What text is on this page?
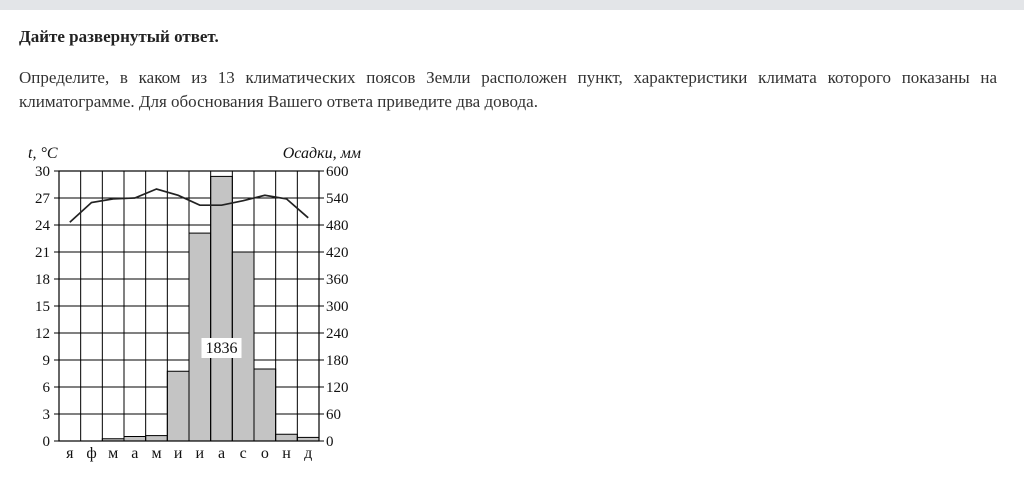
Дайте развернутый ответ.
Определите, в каком из 13 климатических поясов Земли расположен пункт, характеристики климата которого показаны на климатограмме. Для обоснования Вашего ответа приведите два довода.
0
3
6
9
12
15
18
21
24
27
30
0
60
120
180
240
300
360
420
480
540
600
я ф м а м и и а с о н д
t, °C	Осадки, мм
1836
